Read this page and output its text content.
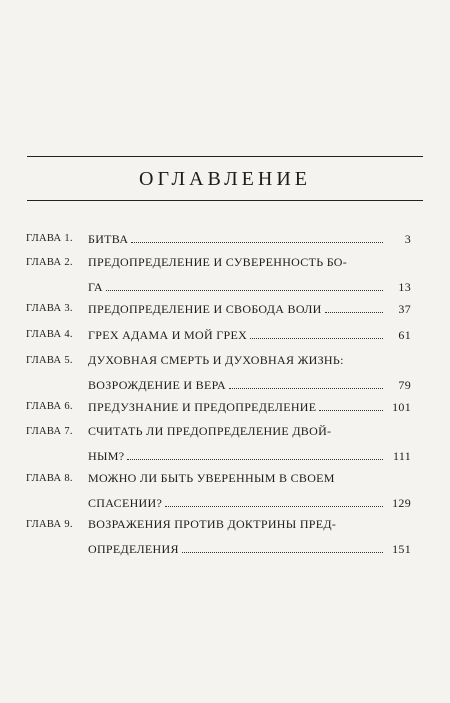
ОГЛАВЛЕНИЕ
ГЛАВА 1. БИТВА	3
ГЛАВА 2. ПРЕДОПРЕДЕЛЕНИЕ И СУВЕРЕННОСТЬ БО-
ГА	13
ГЛАВА 3. ПРЕДОПРЕДЕЛЕНИЕ И СВОБОДА ВОЛИ	37
ГЛАВА 4. ГРЕХ АДАМА И МОЙ ГРЕХ	61
ГЛАВА 5. ДУХОВНАЯ СМЕРТЬ И ДУХОВНАЯ ЖИЗНЬ:
ВОЗРОЖДЕНИЕ И ВЕРА	79
ГЛАВА 6. ПРЕДУЗНАНИЕ И ПРЕДОПРЕДЕЛЕНИЕ	101
ГЛАВА 7. СЧИТАТЬ ЛИ ПРЕДОПРЕДЕЛЕНИЕ ДВОЙ-
НЫМ?	111
ГЛАВА 8. МОЖНО ЛИ БЫТЬ УВЕРЕННЫМ В СВОЕМ
СПАСЕНИИ?	129
ГЛАВА 9. ВОЗРАЖЕНИЯ ПРОТИВ ДОКТРИНЫ ПРЕД-
ОПРЕДЕЛЕНИЯ	151
